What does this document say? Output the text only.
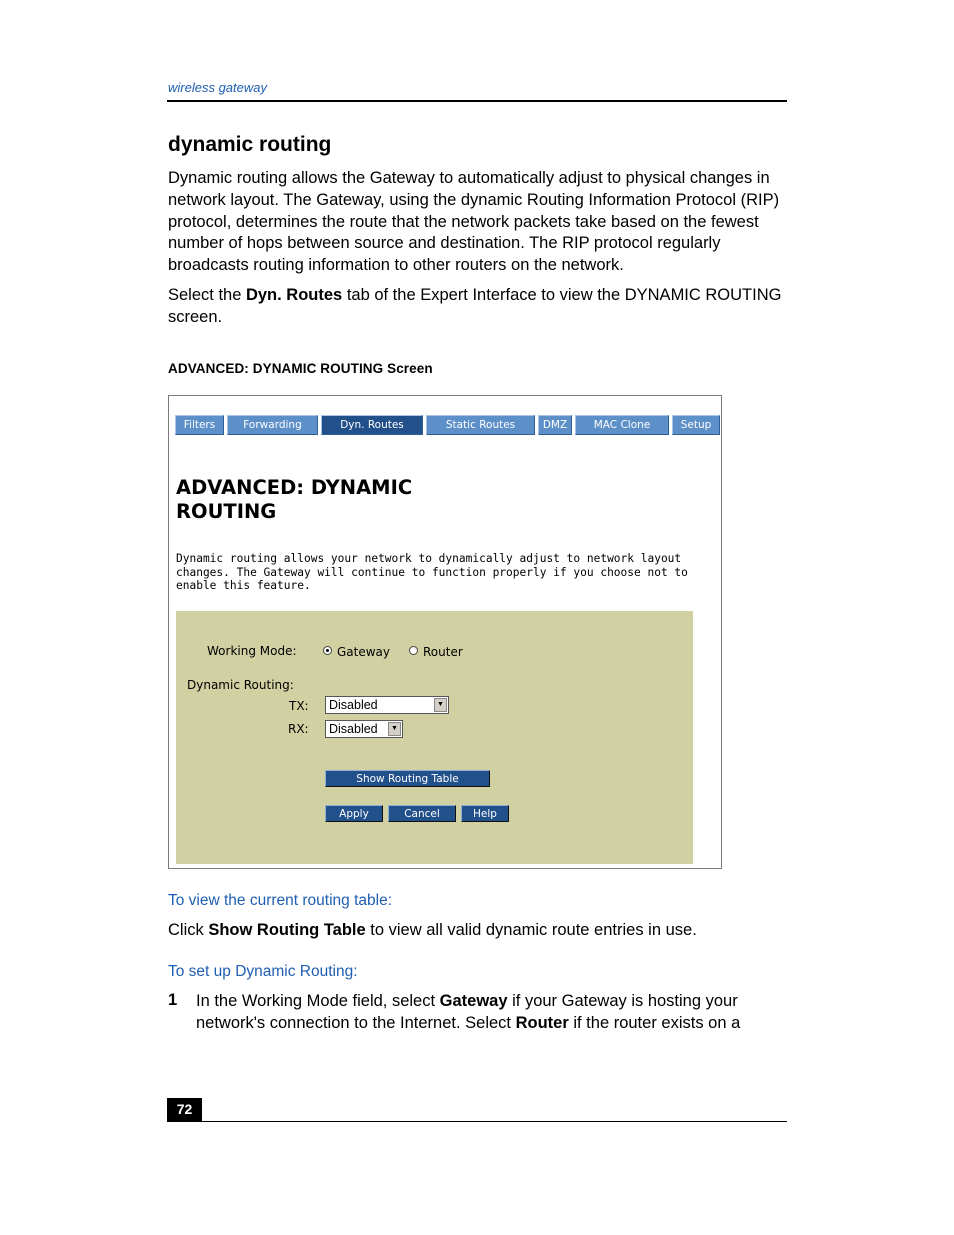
wireless gateway
dynamic routing
Dynamic routing allows the Gateway to automatically adjust to physical changes in network layout. The Gateway, using the dynamic Routing Information Protocol (RIP) protocol, determines the route that the network packets take based on the fewest number of hops between source and destination. The RIP protocol regularly broadcasts routing information to other routers on the network.
Select the Dyn. Routes tab of the Expert Interface to view the DYNAMIC ROUTING screen.
ADVANCED: DYNAMIC ROUTING Screen
Filters	Forwarding	Dyn. Routes	Static Routes	DMZ	MAC Clone	Setup
ADVANCED: DYNAMIC ROUTING
Dynamic routing allows your network to dynamically adjust to network layout changes. The Gateway will continue to function properly if you choose not to enable this feature.
Working Mode:	Gateway	Router
Dynamic Routing:
TX:	Disabled	▼
RX:	Disabled	▼
Show Routing Table
Apply	Cancel	Help
To view the current routing table:
Click Show Routing Table to view all valid dynamic route entries in use.
To set up Dynamic Routing:
1 In the Working Mode field, select Gateway if your Gateway is hosting your network's connection to the Internet. Select Router if the router exists on a
72
